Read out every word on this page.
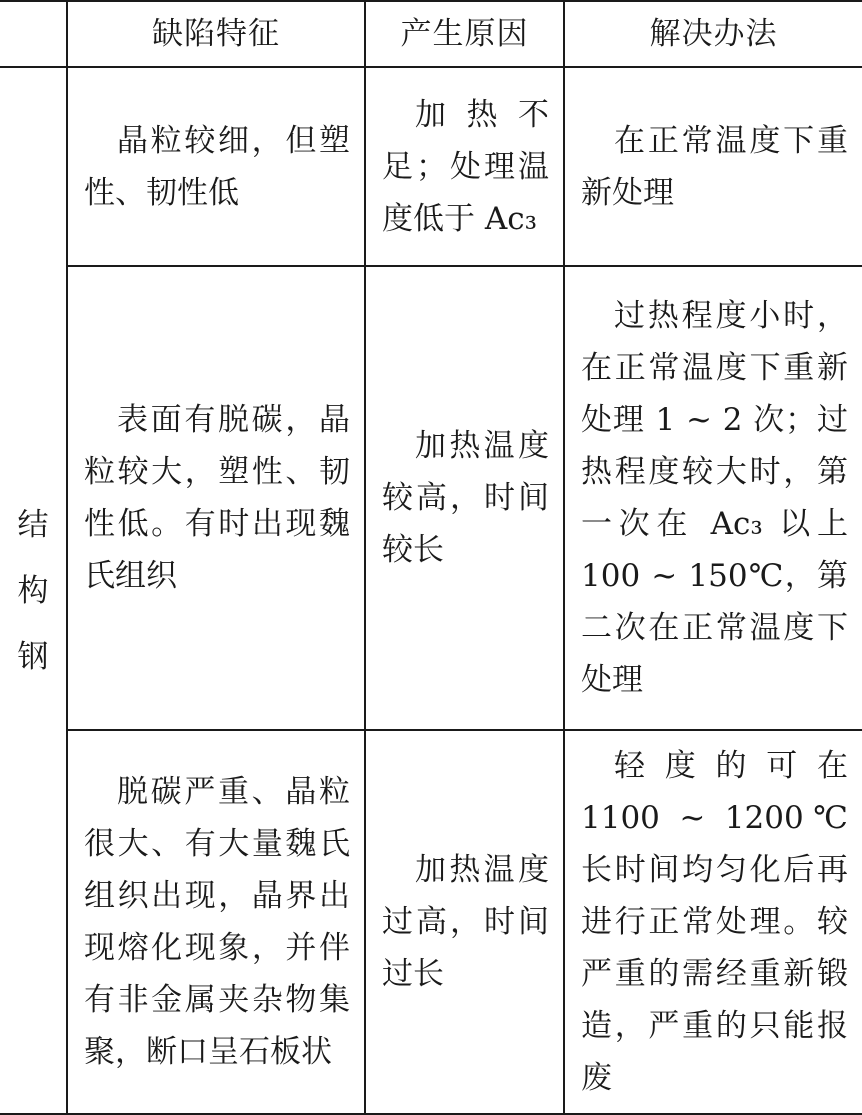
	缺陷特征	产生原因	解决办法

结
构
钢	晶粒较细，但塑性、韧性低	加 热 不足；处理温度低于 Ac₃	在正常温度下重新处理

	表面有脱碳，晶粒较大，塑性、韧性低。有时出现魏氏组织	加热温度较高，时间较长	过热程度小时，在正常温度下重新处理 1 ~ 2 次；过热程度较大时，第一次在 Ac₃ 以上 100 ~ 150℃，第二次在正常温度下处理

	脱碳严重、晶粒很大、有大量魏氏组织出现，晶界出现熔化现象，并伴有非金属夹杂物集聚，断口呈石板状	加热温度过高，时间过长	轻 度 的 可 在1100 ~ 1200℃长时间均匀化后再进行正常处理。较严重的需经重新锻造，严重的只能报废
